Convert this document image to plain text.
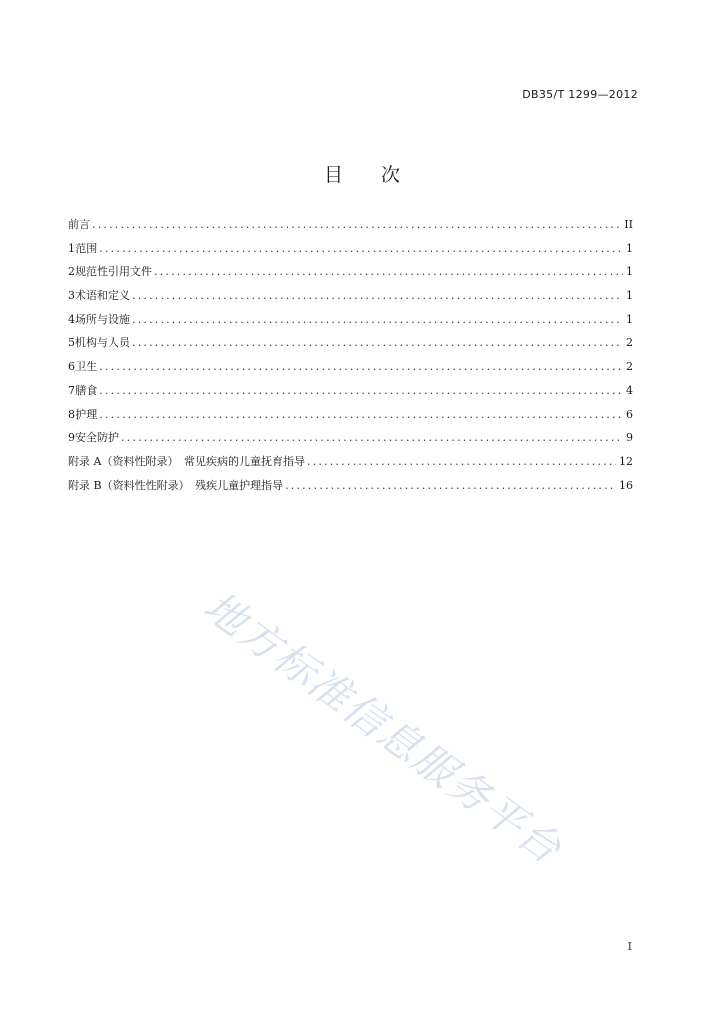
DB35/T 1299—2012
目　　次
前言 .....	II
1 范围 .....	1
2 规范性引用文件 .....	1
3 术语和定义 .....	1
4 场所与设施 .....	1
5 机构与人员 .....	2
6 卫生 .....	2
7 膳食 .....	4
8 护理 .....	6
9 安全防护 .....	9
附录 A（资料性附录）　常见疾病的儿童抚育指导 .....	12
附录 B（资料性性附录）　残疾儿童护理指导 .....	16
地方标准信息服务平台
I
